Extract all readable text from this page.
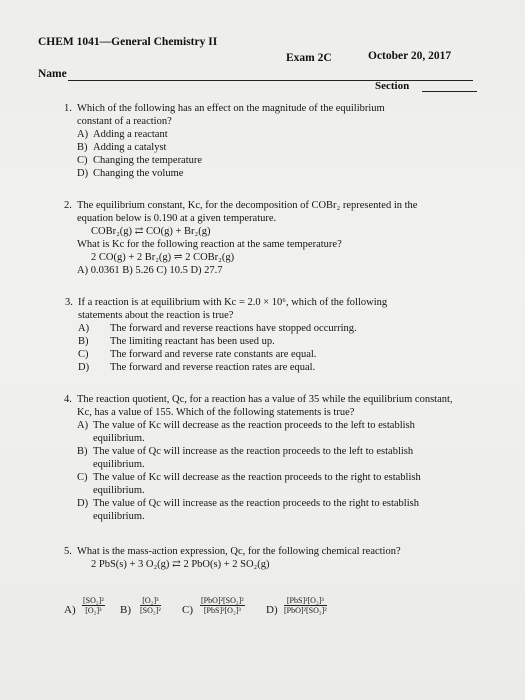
CHEM 1041—General Chemistry II
Exam 2C	October 20, 2017
Name
Section
1. Which of the following has an effect on the magnitude of the equilibrium
constant of a reaction?
A) Adding a reactant
B) Adding a catalyst
C) Changing the temperature
D) Changing the volume
2. The equilibrium constant, Kc, for the decomposition of COBr₂ represented in the
equation below is 0.190 at a given temperature.
COBr₂(g) ⇄ CO(g) + Br₂(g)
What is Kc for the following reaction at the same temperature?
2 CO(g) + 2 Br₂(g) ⇌ 2 COBr₂(g)
A) 0.0361 B) 5.26 C) 10.5 D) 27.7
3. If a reaction is at equilibrium with Kc = 2.0 × 10⁶, which of the following
statements about the reaction is true?
A) The forward and reverse reactions have stopped occurring.
B) The limiting reactant has been used up.
C) The forward and reverse rate constants are equal.
D) The forward and reverse reaction rates are equal.
4. The reaction quotient, Qc, for a reaction has a value of 35 while the equilibrium constant,
Kc, has a value of 155. Which of the following statements is true?
A) The value of Kc will decrease as the reaction proceeds to the left to establish
equilibrium.
B) The value of Qc will increase as the reaction proceeds to the left to establish
equilibrium.
C) The value of Kc will decrease as the reaction proceeds to the right to establish
equilibrium.
D) The value of Qc will increase as the reaction proceeds to the right to establish
equilibrium.
5. What is the mass-action expression, Qc, for the following chemical reaction?
2 PbS(s) + 3 O₂(g) ⇄ 2 PbO(s) + 2 SO₂(g)
$A) \frac{\text{[SO₂]²}}{\text{[O₂]³}} B) \frac{\text{[O₂]³}}{\text{[SO₂]²}} C$)
[PbO]²[SO₂]²
[PbS]²[O₂]³	D)
[PbS]²[O₂]³
[PbO]²[SO₂]²
